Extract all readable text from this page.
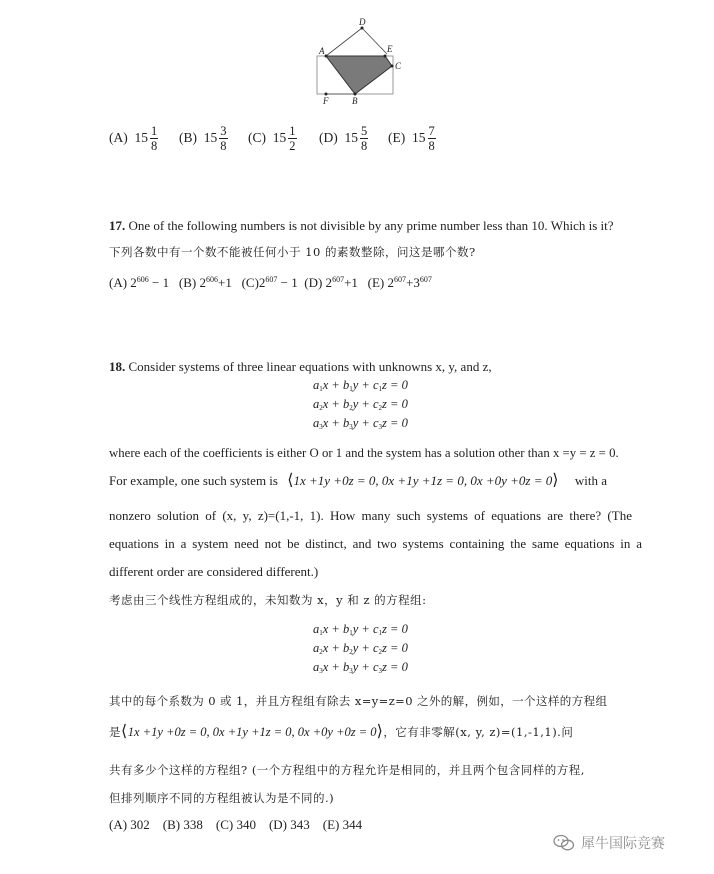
A
B
C
D
E
F
(A)
$15 \frac{1}{8} (B)$
$15 \frac{3}{8} (C)$
$15 \frac{1}{2} (D)$
$15 \frac{5}{8} (E)$
$15 \frac{7}{8}$
17. One of the following numbers is not divisible by any prime number less than 10. Which is it?
下列各数中有一个数不能被任何小于 10 的素数整除，问这是哪个数?
(A) $2^{606} - 1$ (B) $2^{606}+1$ $(C)2^{607} - 1$ (D) $2^{607}+1$ (E) $2^{607}+3^{607}$
18. Consider systems of three linear equations with unknowns x, y, and z,
$a_1x + b_1y + c_1z = 0$
$a_2x + b_2y + c_2z = 0$
$a_3x + b_3y + c_3z = 0$
where each of the coefficients is either O or 1 and the system has a solution other than x =y = z = 0.
For example, one such system is ⟨1x +1y +0z = 0, 0x +1y +1z = 0, 0x +0y +0z = 0⟩ with a
nonzero solution of (x, y, z)=(1,-1, 1). How many such systems of equations are there? (The
equations in a system need not be distinct, and two systems containing the same equations in a
different order are considered different.)
考虑由三个线性方程组成的，未知数为 x，y 和 z 的方程组:
$a_1x + b_1y + c_1z = 0$
$a_2x + b_2y + c_2z = 0$
$a_3x + b_3y + c_3z = 0$
其中的每个系数为 0 或 1，并且方程组有除去 x=y=z=0 之外的解，例如，一个这样的方程组
是⟨1x +1y +0z = 0, 0x +1y +1z = 0, 0x +0y +0z = 0⟩，它有非零解(x, y, z)=(1,-1,1).问
共有多少个这样的方程组? (一个方程组中的方程允许是相同的，并且两个包含同样的方程,
但排列顺序不同的方程组被认为是不同的.)
(A) 302    (B) 338    (C) 340    (D) 343    (E) 344
犀牛国际竞赛
